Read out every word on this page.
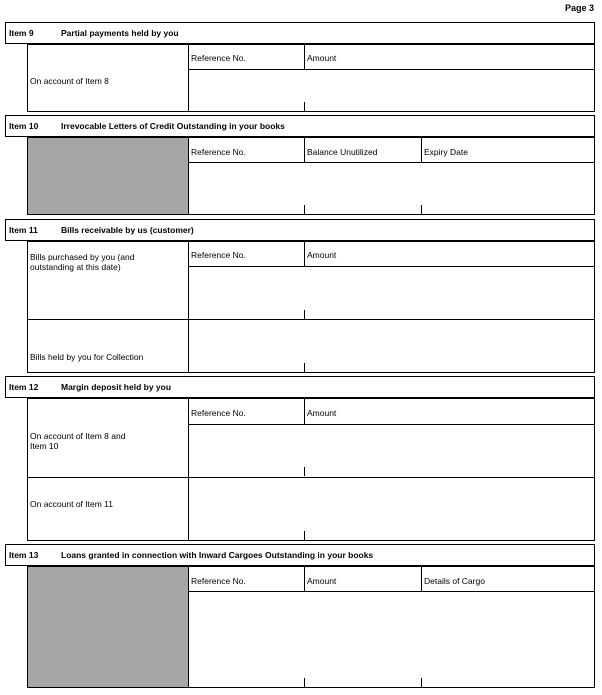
Page 3
Item 9	Partial payments held by you
Reference No.	Amount
On account of Item 8
Item 10	Irrevocable Letters of Credit Outstanding in your books
Reference No.	Balance Unutilized	Expiry Date
Item 11	Bills receivable by us (customer)
Reference No.	Amount
Bills purchased by you (and
outstanding at this date)
Bills held by you for Collection
Item 12	Margin deposit held by you
Reference No.	Amount
On account of Item 8 and
Item 10
On account of Item 11
Item 13	Loans granted in connection with Inward Cargoes Outstanding in your books
Reference No.	Amount	Details of Cargo
